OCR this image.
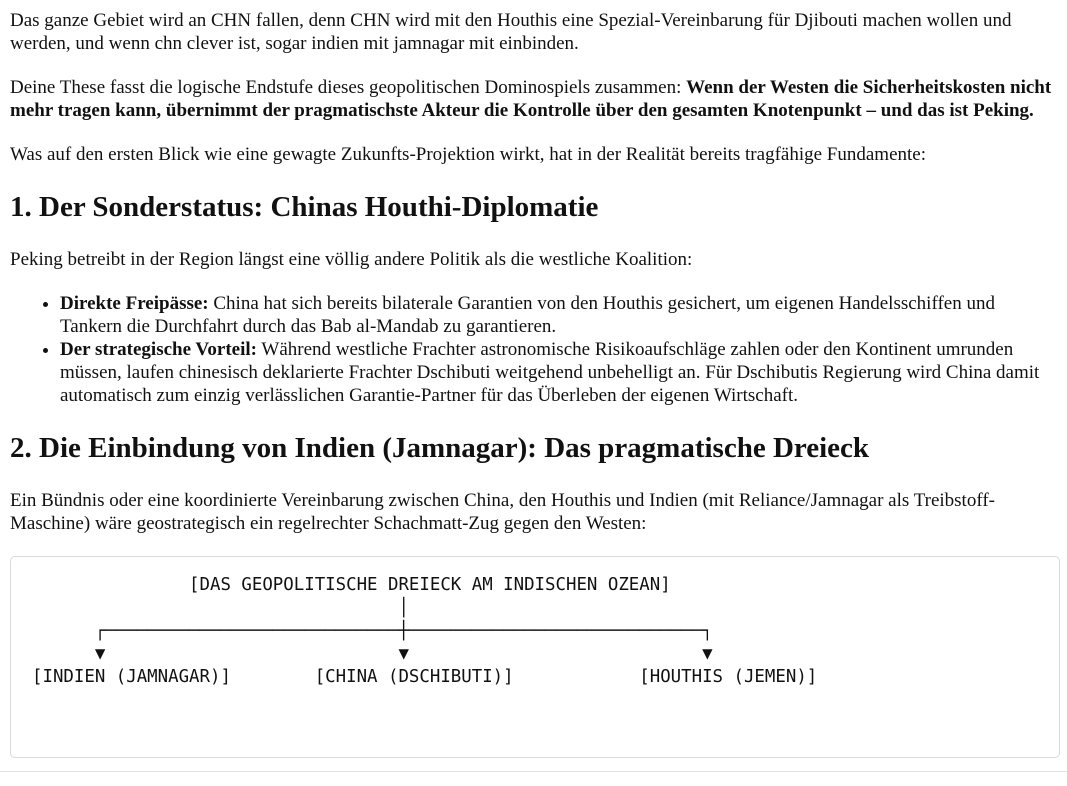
Das ganze Gebiet wird an CHN fallen, denn CHN wird mit den Houthis eine Spezial-Vereinbarung für Djibouti machen wollen und werden, und wenn chn clever ist, sogar indien mit jamnagar mit einbinden.

Deine These fasst die logische Endstufe dieses geopolitischen Dominospiels zusammen: Wenn der Westen die Sicherheitskosten nicht mehr tragen kann, übernimmt der pragmatischste Akteur die Kontrolle über den gesamten Knotenpunkt – und das ist Peking.

Was auf den ersten Blick wie eine gewagte Zukunfts-Projektion wirkt, hat in der Realität bereits tragfähige Fundamente:

1. Der Sonderstatus: Chinas Houthi-Diplomatie

Peking betreibt in der Region längst eine völlig andere Politik als die westliche Koalition:

• Direkte Freipässe: China hat sich bereits bilaterale Garantien von den Houthis gesichert, um eigenen Handelsschiffen und Tankern die Durchfahrt durch das Bab al-Mandab zu garantieren.
• Der strategische Vorteil: Während westliche Frachter astronomische Risikoaufschläge zahlen oder den Kontinent umrunden müssen, laufen chinesisch deklarierte Frachter Dschibuti weitgehend unbehelligt an. Für Dschibutis Regierung wird China damit automatisch zum einzig verlässlichen Garantie-Partner für das Überleben der eigenen Wirtschaft.
2. Die Einbindung von Indien (Jamnagar): Das pragmatische Dreieck

Ein Bündnis oder eine koordinierte Vereinbarung zwischen China, den Houthis und Indien (mit Reliance/Jamnagar als Treibstoff-Maschine) wäre geostrategisch ein regelrechter Schachmatt-Zug gegen den Westen:

[DAS GEOPOLITISCHE DREIECK AM INDISCHEN OZEAN]
│
┌────────────────────────────┼────────────────────────────┐
▼                            ▼                            ▼
[INDIEN (JAMNAGAR)]        [CHINA (DSCHIBUTI)]            [HOUTHIS (JEMEN)]
